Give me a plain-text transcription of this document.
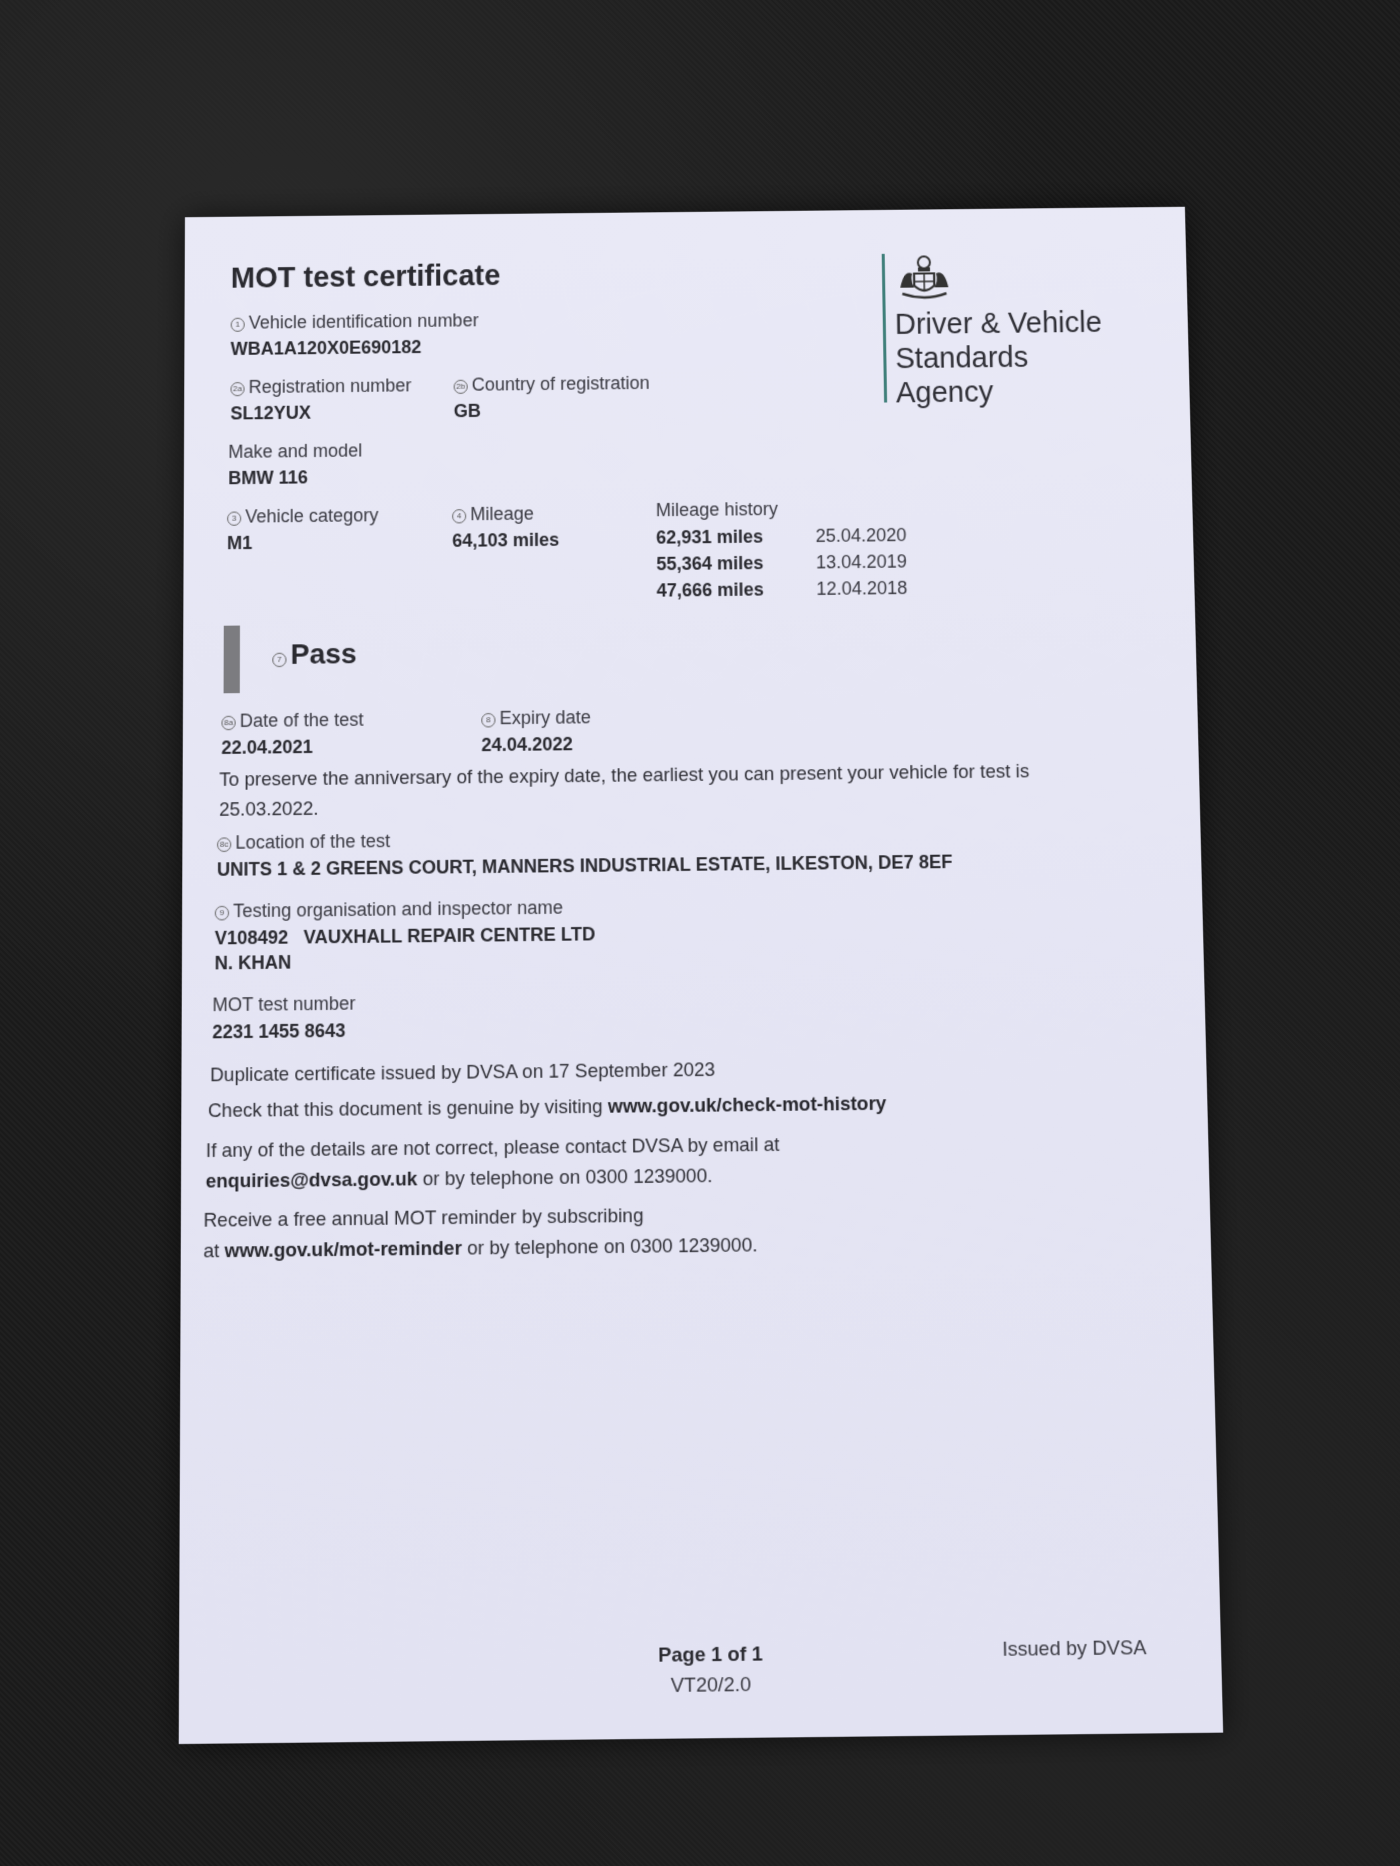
MOT test certificate
Driver & Vehicle
Standards
Agency
1 Vehicle identification number
WBA1A120X0E690182
2a Registration number
SL12YUX
2b Country of registration
GB
Make and model
BMW 116
3 Vehicle category
M1
4 Mileage
64,103 miles
Mileage history
62,931 miles	25.04.2020
55,364 miles	13.04.2019
47,666 miles	12.04.2018
7 Pass
8a Date of the test
22.04.2021
8 Expiry date
24.04.2022
To preserve the anniversary of the expiry date, the earliest you can present your vehicle for test is
25.03.2022.
8c Location of the test
UNITS 1 & 2 GREENS COURT, MANNERS INDUSTRIAL ESTATE, ILKESTON, DE7 8EF
9 Testing organisation and inspector name
V108492 VAUXHALL REPAIR CENTRE LTD
N. KHAN
MOT test number
2231 1455 8643
Duplicate certificate issued by DVSA on 17 September 2023
Check that this document is genuine by visiting www.gov.uk/check-mot-history
If any of the details are not correct, please contact DVSA by email at
enquiries@dvsa.gov.uk or by telephone on 0300 1239000.
Receive a free annual MOT reminder by subscribing
at www.gov.uk/mot-reminder or by telephone on 0300 1239000.
Page 1 of 1
VT20/2.0
Issued by DVSA
